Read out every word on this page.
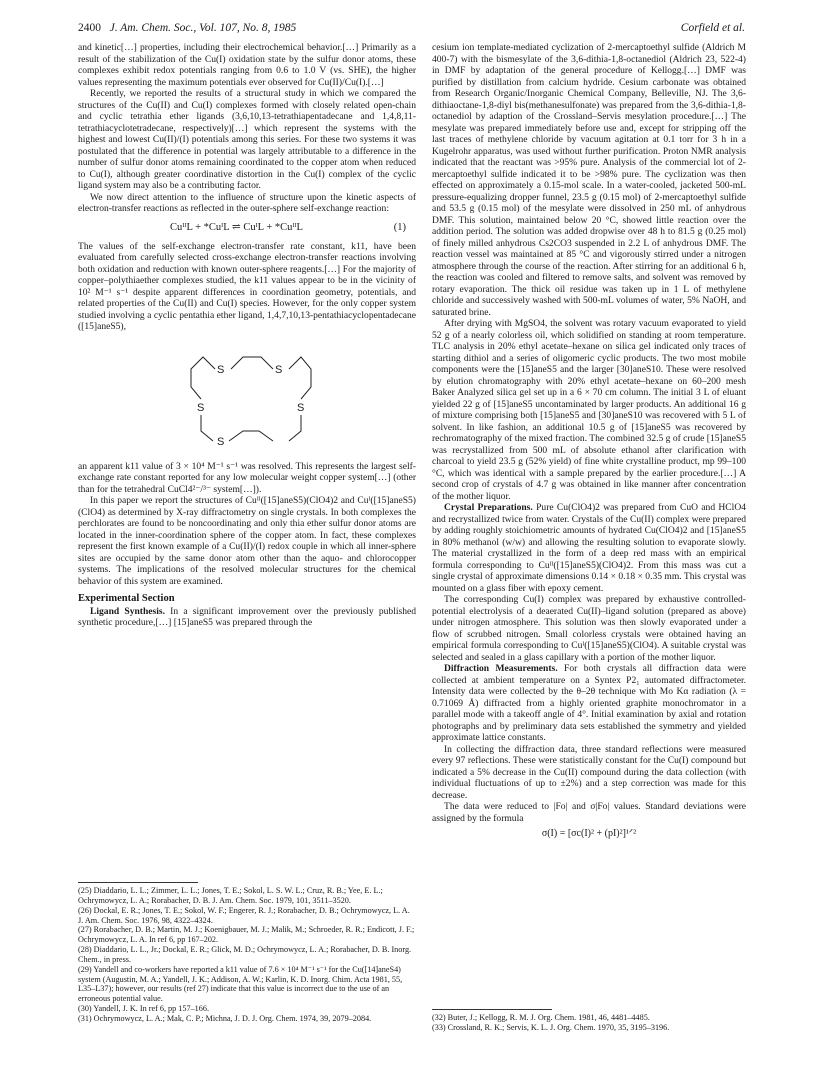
2400 J. Am. Chem. Soc., Vol. 107, No. 8, 1985	Corfield et al.

and kinetic[…] properties, including their electrochemical behavior.[…] Primarily as a result of the stabilization of the Cu(I) oxidation state by the sulfur donor atoms, these complexes exhibit redox potentials ranging from 0.6 to 1.0 V (vs. SHE), the higher values representing the maximum potentials ever observed for Cu(II)/Cu(I).[…]

Recently, we reported the results of a structural study in which we compared the structures of the Cu(II) and Cu(I) complexes formed with closely related open-chain and cyclic tetrathia ether ligands (3,6,10,13-tetrathiapentadecane and 1,4,8,11-tetrathiacyclotetradecane, respectively)[…] which represent the systems with the highest and lowest Cu(II)/(I) potentials among this series. For these two systems it was postulated that the difference in potential was largely attributable to a difference in the number of sulfur donor atoms remaining coordinated to the copper atom when reduced to Cu(I), although greater coordinative distortion in the Cu(I) complex of the cyclic ligand system may also be a contributing factor.

We now direct attention to the influence of structure upon the kinetic aspects of electron-transfer reactions as reflected in the outer-sphere self-exchange reaction:

CuᴵᴵL + *CuᴵL ⇌ CuᴵL + *CuᴵᴵL	(1)

The values of the self-exchange electron-transfer rate constant, k11, have been evaluated from carefully selected cross-exchange electron-transfer reactions involving both oxidation and reduction with known outer-sphere reagents.[…] For the majority of copper–polythiaether complexes studied, the k11 values appear to be in the vicinity of 10² M⁻¹ s⁻¹ despite apparent differences in coordination geometry, potentials, and related properties of the Cu(II) and Cu(I) species. However, for the only copper system studied involving a cyclic pentathia ether ligand, 1,4,7,10,13-pentathiacyclopentadecane ([15]aneS5),

S	S
S	S
S

an apparent k11 value of 3 × 10⁴ M⁻¹ s⁻¹ was resolved. This represents the largest self-exchange rate constant reported for any low molecular weight copper system[…] (other than for the tetrahedral CuCl4²⁻/³⁻ system[…]).

In this paper we report the structures of Cuᴵᴵ([15]aneS5)(ClO4)2 and Cuᴵ([15]aneS5)(ClO4) as determined by X-ray diffractometry on single crystals. In both complexes the perchlorates are found to be noncoordinating and only thia ether sulfur donor atoms are located in the inner-coordination sphere of the copper atom. In fact, these complexes represent the first known example of a Cu(II)/(I) redox couple in which all inner-sphere sites are occupied by the same donor atom other than the aquo- and chlorocopper systems. The implications of the resolved molecular structures for the chemical behavior of this system are examined.

Experimental Section

Ligand Synthesis. In a significant improvement over the previously published synthetic procedure,[…] [15]aneS5 was prepared through the

(25) Diaddario, L. L.; Zimmer, L. L.; Jones, T. E.; Sokol, L. S. W. L.; Cruz, R. B.; Yee, E. L.; Ochrymowycz, L. A.; Rorabacher, D. B. J. Am. Chem. Soc. 1979, 101, 3511–3520.

(26) Dockal, E. R.; Jones, T. E.; Sokol, W. F.; Engerer, R. J.; Rorabacher, D. B.; Ochrymowycz, L. A. J. Am. Chem. Soc. 1976, 98, 4322–4324.

(27) Rorabacher, D. B.; Martin, M. J.; Koenigbauer, M. J.; Malik, M.; Schroeder, R. R.; Endicott, J. F.; Ochrymowycz, L. A. In ref 6, pp 167–202.

(28) Diaddario, L. L., Jr.; Dockal, E. R.; Glick, M. D.; Ochrymowycz, L. A.; Rorabacher, D. B. Inorg. Chem., in press.

(29) Yandell and co-workers have reported a k11 value of 7.6 × 10⁴ M⁻¹ s⁻¹ for the Cu([14]aneS4) system (Augustin, M. A.; Yandell, J. K.; Addison, A. W.; Karlin, K. D. Inorg. Chim. Acta 1981, 55, L35–L37); however, our results (ref 27) indicate that this value is incorrect due to the use of an erroneous potential value.

(30) Yandell, J. K. In ref 6, pp 157–166.

(31) Ochrymowycz, L. A.; Mak, C. P.; Michna, J. D. J. Org. Chem. 1974, 39, 2079–2084.

cesium ion template-mediated cyclization of 2-mercaptoethyl sulfide (Aldrich M 400-7) with the bismesylate of the 3,6-dithia-1,8-octanediol (Aldrich 23, 522-4) in DMF by adaptation of the general procedure of Kellogg.[…] DMF was purified by distillation from calcium hydride. Cesium carbonate was obtained from Research Organic/Inorganic Chemical Company, Belleville, NJ. The 3,6-dithiaoctane-1,8-diyl bis(methanesulfonate) was prepared from the 3,6-dithia-1,8-octanediol by adaption of the Crossland–Servis mesylation procedure.[…] The mesylate was prepared immediately before use and, except for stripping off the last traces of methylene chloride by vacuum agitation at 0.1 torr for 3 h in a Kugelrohr apparatus, was used without further purification. Proton NMR analysis indicated that the reactant was >95% pure. Analysis of the commercial lot of 2-mercaptoethyl sulfide indicated it to be >98% pure. The cyclization was then effected on approximately a 0.15-mol scale. In a water-cooled, jacketed 500-mL pressure-equalizing dropper funnel, 23.5 g (0.15 mol) of 2-mercaptoethyl sulfide and 53.5 g (0.15 mol) of the mesylate were dissolved in 250 mL of anhydrous DMF. This solution, maintained below 20 °C, showed little reaction over the addition period. The solution was added dropwise over 48 h to 81.5 g (0.25 mol) of finely milled anhydrous Cs2CO3 suspended in 2.2 L of anhydrous DMF. The reaction vessel was maintained at 85 °C and vigorously stirred under a nitrogen atmosphere through the course of the reaction. After stirring for an additional 6 h, the reaction was cooled and filtered to remove salts, and solvent was removed by rotary evaporation. The thick oil residue was taken up in 1 L of methylene chloride and successively washed with 500-mL volumes of water, 5% NaOH, and saturated brine.

After drying with MgSO4, the solvent was rotary vacuum evaporated to yield 52 g of a nearly colorless oil, which solidified on standing at room temperature. TLC analysis in 20% ethyl acetate–hexane on silica gel indicated only traces of starting dithiol and a series of oligomeric cyclic products. The two most mobile components were the [15]aneS5 and the larger [30]aneS10. These were resolved by elution chromatography with 20% ethyl acetate–hexane on 60–200 mesh Baker Analyzed silica gel set up in a 6 × 70 cm column. The initial 3 L of eluant yielded 22 g of [15]aneS5 uncontaminated by larger products. An additional 16 g of mixture comprising both [15]aneS5 and [30]aneS10 was recovered with 5 L of solvent. In like fashion, an additional 10.5 g of [15]aneS5 was recovered by rechromatography of the mixed fraction. The combined 32.5 g of crude [15]aneS5 was recrystallized from 500 mL of absolute ethanol after clarification with charcoal to yield 23.5 g (52% yield) of fine white crystalline product, mp 99–100 °C, which was identical with a sample prepared by the earlier procedure.[…] A second crop of crystals of 4.7 g was obtained in like manner after concentration of the mother liquor.

Crystal Preparations. Pure Cu(ClO4)2 was prepared from CuO and HClO4 and recrystallized twice from water. Crystals of the Cu(II) complex were prepared by adding roughly stoichiometric amounts of hydrated Cu(ClO4)2 and [15]aneS5 in 80% methanol (w/w) and allowing the resulting solution to evaporate slowly. The material crystallized in the form of a deep red mass with an empirical formula corresponding to Cuᴵᴵ([15]aneS5)(ClO4)2. From this mass was cut a single crystal of approximate dimensions 0.14 × 0.18 × 0.35 mm. This crystal was mounted on a glass fiber with epoxy cement.

The corresponding Cu(I) complex was prepared by exhaustive controlled-potential electrolysis of a deaerated Cu(II)–ligand solution (prepared as above) under nitrogen atmosphere. This solution was then slowly evaporated under a flow of scrubbed nitrogen. Small colorless crystals were obtained having an empirical formula corresponding to Cuᴵ([15]aneS5)(ClO4). A suitable crystal was selected and sealed in a glass capillary with a portion of the mother liquor.

Diffraction Measurements. For both crystals all diffraction data were collected at ambient temperature on a Syntex P2₁ automated diffractometer. Intensity data were collected by the θ–2θ technique with Mo Kα radiation (λ = 0.71069 Å) diffracted from a highly oriented graphite monochromator in a parallel mode with a takeoff angle of 4°. Initial examination by axial and rotation photographs and by preliminary data sets established the symmetry and yielded approximate lattice constants.

In collecting the diffraction data, three standard reflections were measured every 97 reflections. These were statistically constant for the Cu(I) compound but indicated a 5% decrease in the Cu(II) compound during the data collection (with individual fluctuations of up to ±2%) and a step correction was made for this decrease.

The data were reduced to |Fo| and σ|Fo| values. Standard deviations were assigned by the formula

σ(I) = [σc(I)² + (pI)²]¹ᐟ²

(32) Buter, J.; Kellogg, R. M. J. Org. Chem. 1981, 46, 4481–4485.

(33) Crossland, R. K.; Servis, K. L. J. Org. Chem. 1970, 35, 3195–3196.
